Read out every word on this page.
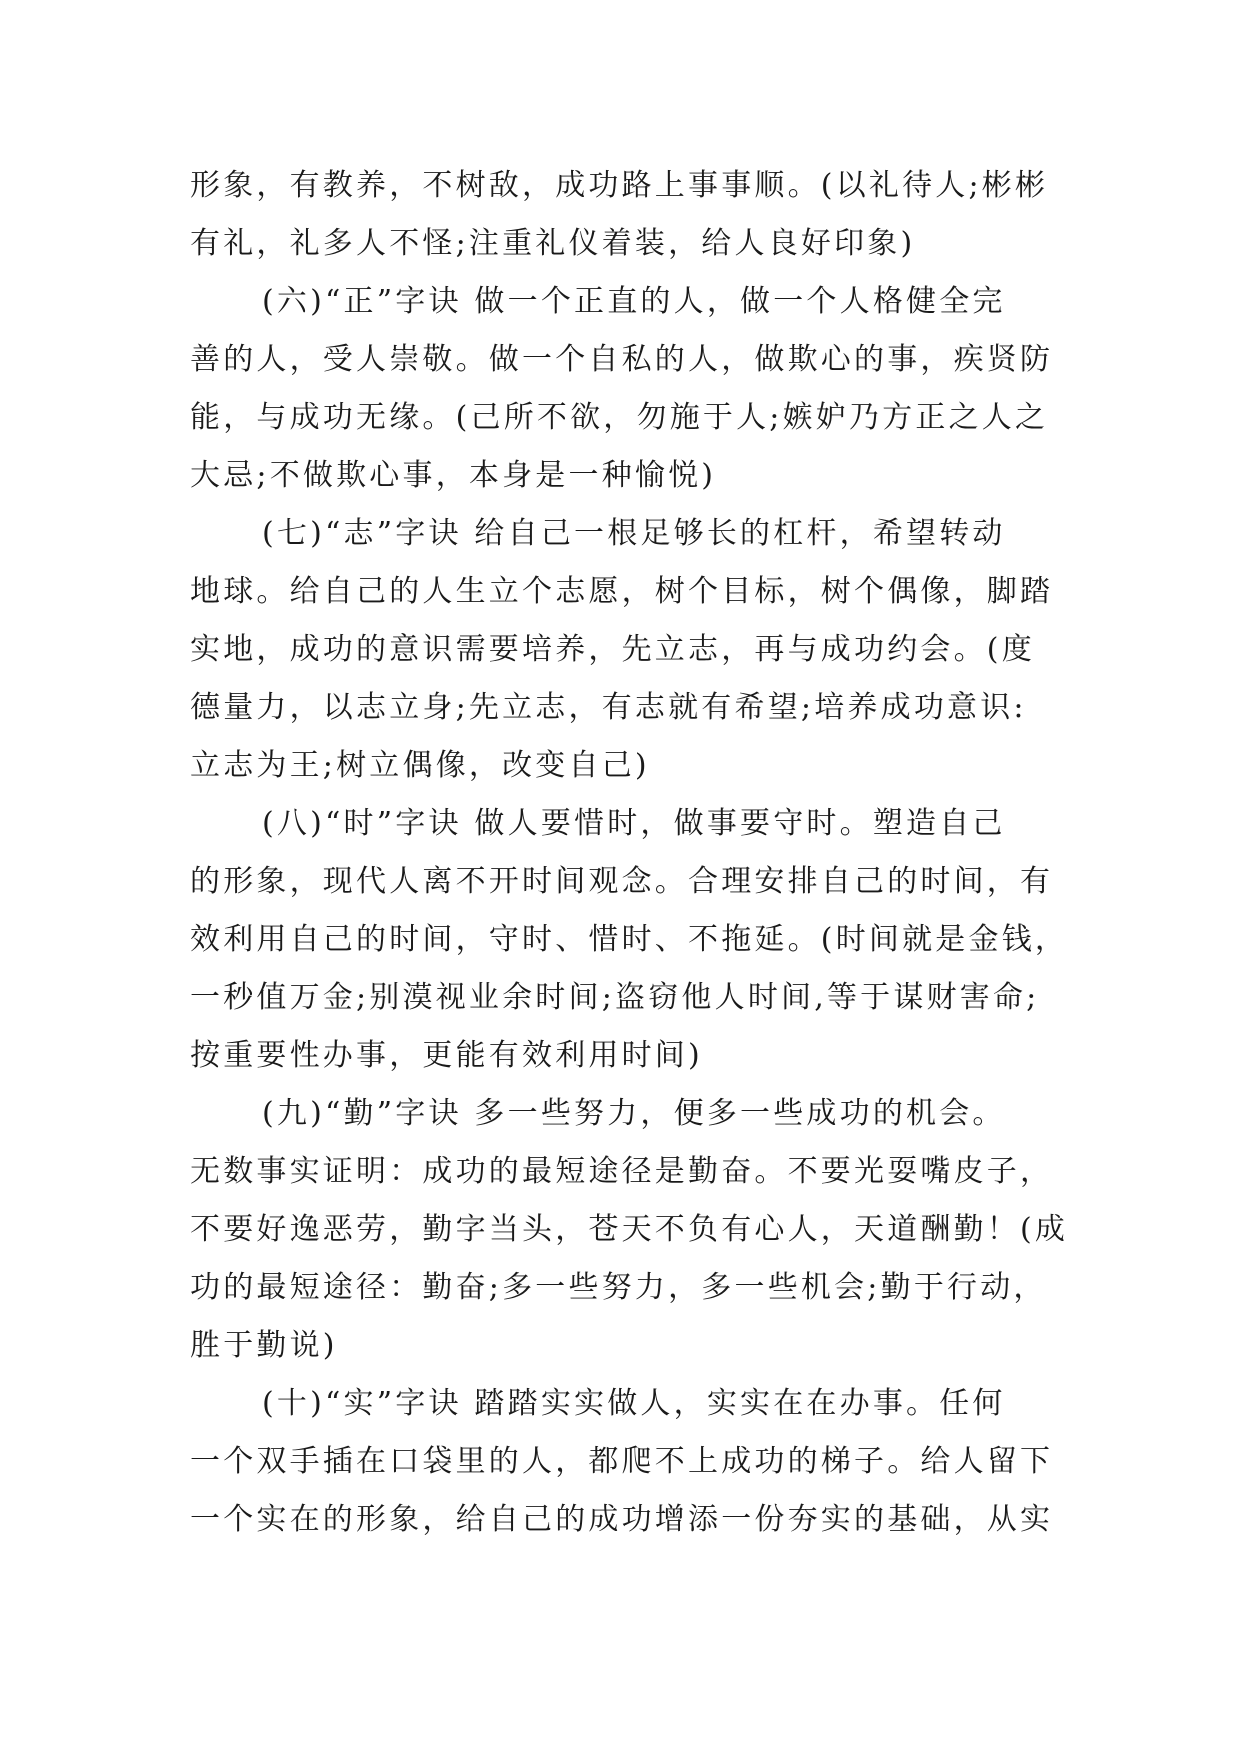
形象，有教养，不树敌，成功路上事事顺。(以礼待人;彬彬
有礼，礼多人不怪;注重礼仪着装，给人良好印象)
(六)“正”字诀 做一个正直的人，做一个人格健全完
善的人，受人崇敬。做一个自私的人，做欺心的事，疾贤防
能，与成功无缘。(己所不欲，勿施于人;嫉妒乃方正之人之
大忌;不做欺心事，本身是一种愉悦)
(七)“志”字诀 给自己一根足够长的杠杆，希望转动
地球。给自己的人生立个志愿，树个目标，树个偶像，脚踏
实地，成功的意识需要培养，先立志，再与成功约会。(度
德量力，以志立身;先立志，有志就有希望;培养成功意识:
立志为王;树立偶像，改变自己)
(八)“时”字诀 做人要惜时，做事要守时。塑造自己
的形象，现代人离不开时间观念。合理安排自己的时间，有
效利用自己的时间，守时、惜时、不拖延。(时间就是金钱，
一秒值万金;别漠视业余时间;盗窃他人时间,等于谋财害命;
按重要性办事，更能有效利用时间)
(九)“勤”字诀 多一些努力，便多一些成功的机会。
无数事实证明：成功的最短途径是勤奋。不要光耍嘴皮子，
不要好逸恶劳，勤字当头，苍天不负有心人，天道酬勤！(成
功的最短途径：勤奋;多一些努力，多一些机会;勤于行动，
胜于勤说)
(十)“实”字诀 踏踏实实做人，实实在在办事。任何
一个双手插在口袋里的人，都爬不上成功的梯子。给人留下
一个实在的形象，给自己的成功增添一份夯实的基础，从实
